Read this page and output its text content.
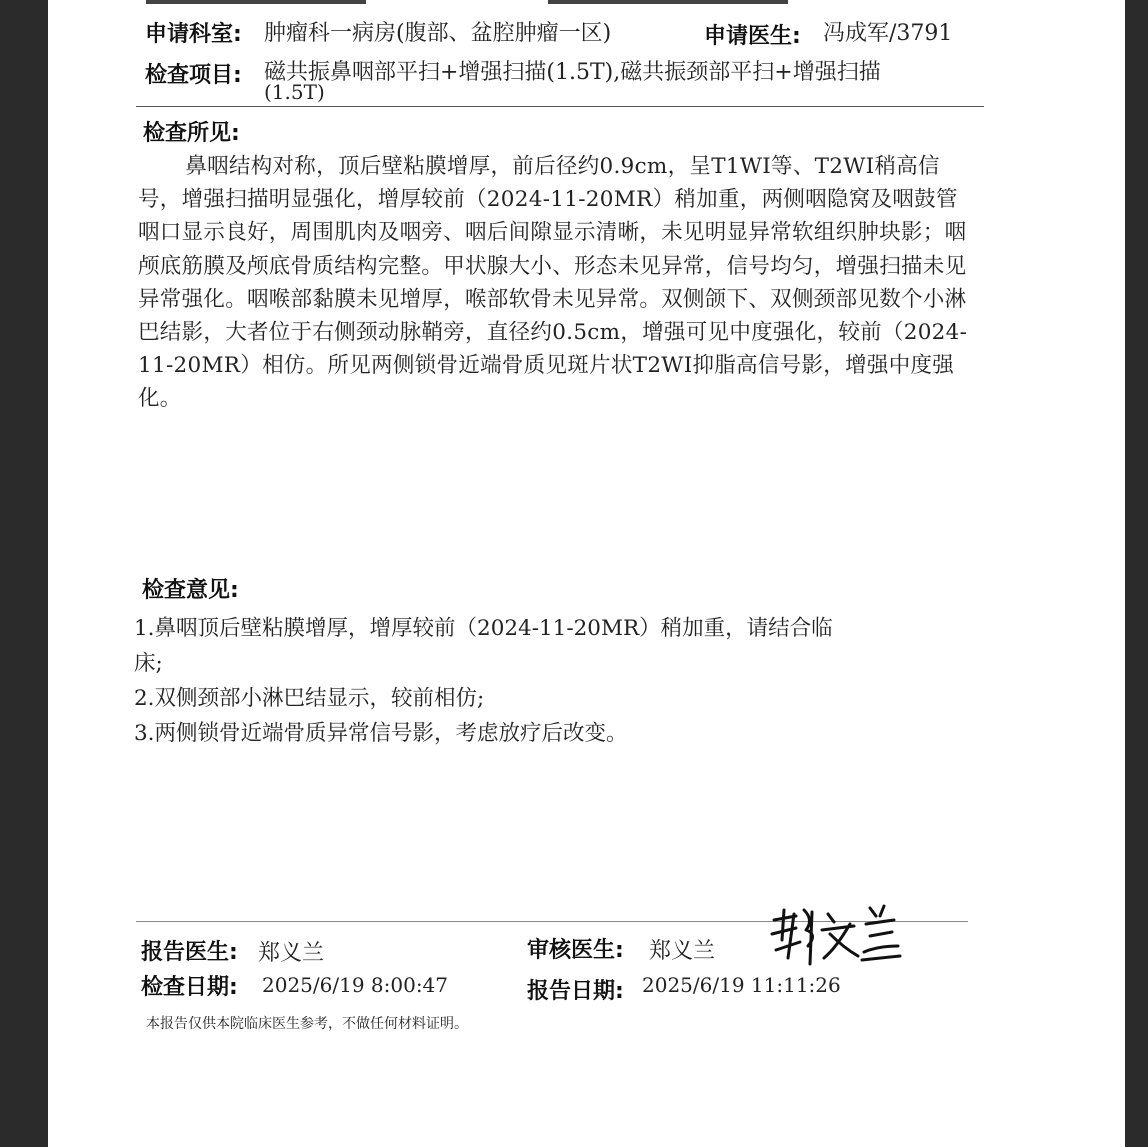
申请科室: 肿瘤科一病房(腹部、盆腔肿瘤一区)	申请医生: 冯成军/3791
检查项目: 磁共振鼻咽部平扫+增强扫描(1.5T),磁共振颈部平扫+增强扫描
(1.5T)
检查所见:
鼻咽结构对称，顶后壁粘膜增厚，前后径约0.9cm，呈T1WI等、T2WI稍高信号，增强扫描明显强化，增厚较前（2024-11-20MR）稍加重，两侧咽隐窝及咽鼓管咽口显示良好，周围肌肉及咽旁、咽后间隙显示清晰，未见明显异常软组织肿块影；咽颅底筋膜及颅底骨质结构完整。甲状腺大小、形态未见异常，信号均匀，增强扫描未见异常强化。咽喉部黏膜未见增厚，喉部软骨未见异常。双侧颌下、双侧颈部见数个小淋巴结影，大者位于右侧颈动脉鞘旁，直径约0.5cm，增强可见中度强化，较前（2024-11-20MR）相仿。所见两侧锁骨近端骨质见斑片状T2WI抑脂高信号影，增强中度强化。
检查意见:
1.鼻咽顶后壁粘膜增厚，增厚较前（2024-11-20MR）稍加重，请结合临
床;
2.双侧颈部小淋巴结显示，较前相仿;
3.两侧锁骨近端骨质异常信号影，考虑放疗后改变。
报告医生: 郑义兰	审核医生: 郑义兰
检查日期: 2025/6/19 8:00:47	报告日期: 2025/6/19 11:11:26
本报告仅供本院临床医生参考，不做任何材料证明。
